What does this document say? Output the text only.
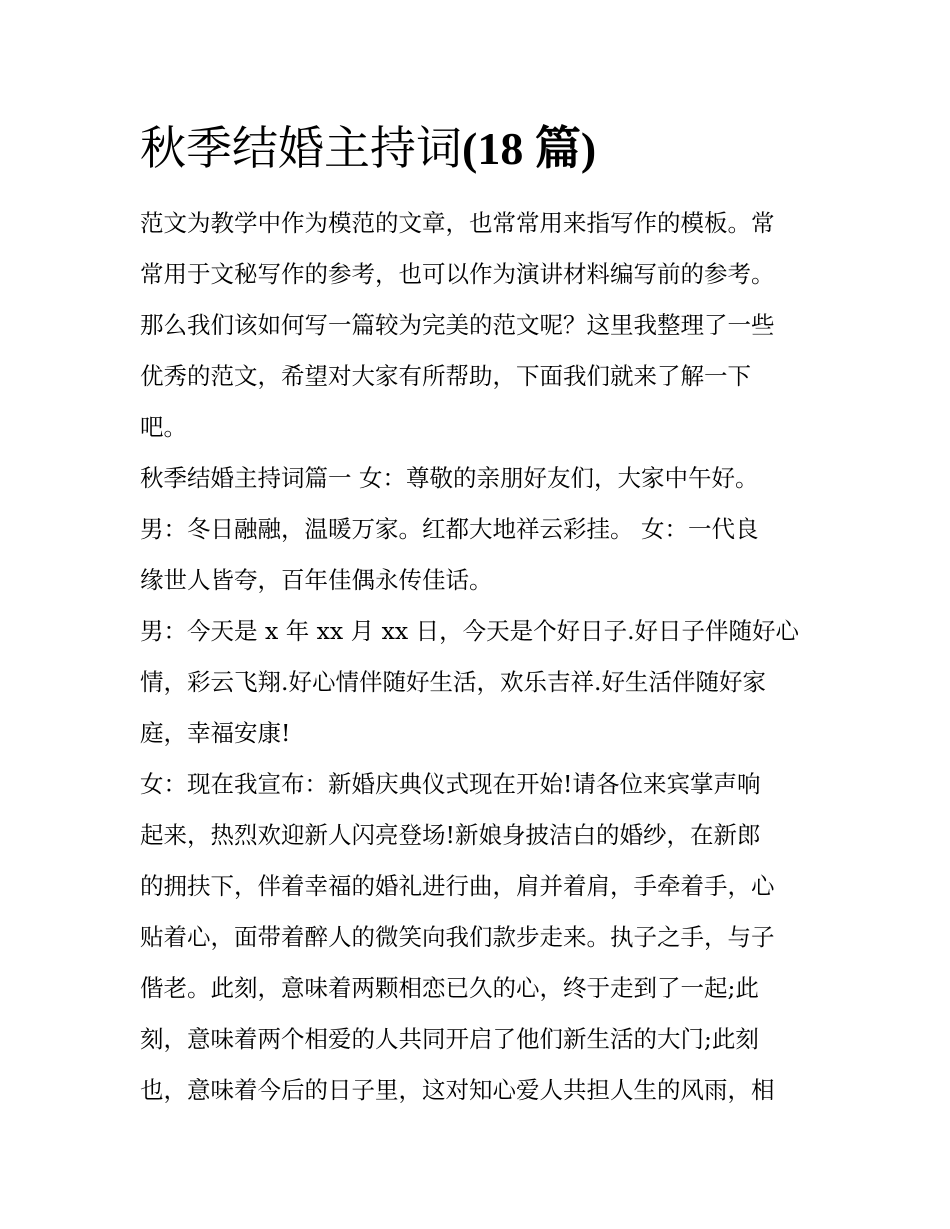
秋季结婚主持词(18 篇)
范文为教学中作为模范的文章，也常常用来指写作的模板。常
常用于文秘写作的参考，也可以作为演讲材料编写前的参考。
那么我们该如何写一篇较为完美的范文呢？这里我整理了一些
优秀的范文，希望对大家有所帮助，下面我们就来了解一下
吧。
秋季结婚主持词篇一 女：尊敬的亲朋好友们，大家中午好。
男：冬日融融，温暖万家。红都大地祥云彩挂。 女：一代良
缘世人皆夸，百年佳偶永传佳话。
男：今天是 x 年 xx 月 xx 日，今天是个好日子.好日子伴随好心
情，彩云飞翔.好心情伴随好生活，欢乐吉祥.好生活伴随好家
庭，幸福安康!
女：现在我宣布：新婚庆典仪式现在开始!请各位来宾掌声响
起来，热烈欢迎新人闪亮登场!新娘身披洁白的婚纱，在新郎
的拥扶下，伴着幸福的婚礼进行曲，肩并着肩，手牵着手，心
贴着心，面带着醉人的微笑向我们款步走来。执子之手，与子
偕老。此刻，意味着两颗相恋已久的心，终于走到了一起;此
刻，意味着两个相爱的人共同开启了他们新生活的大门;此刻
也，意味着今后的日子里，这对知心爱人共担人生的风雨，相
